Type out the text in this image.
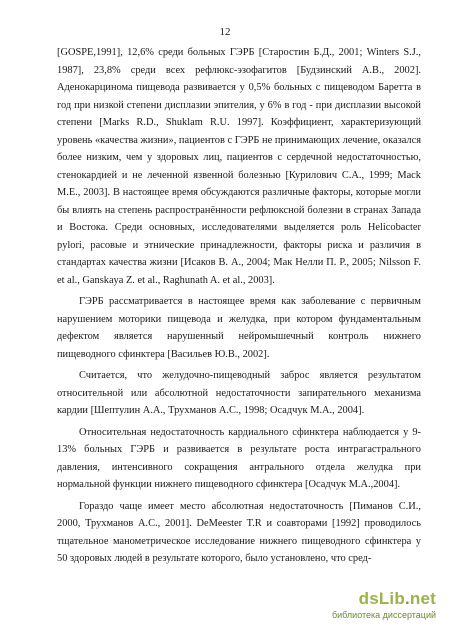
12

[GOSPE,1991], 12,6% среди больных ГЭРБ [Старостин Б.Д., 2001; Winters S.J., 1987], 23,8% среди всех рефлюкс-эзофагитов [Будзинский А.В., 2002]. Аденокарцинома пищевода развивается у 0,5% больных с пищеводом Баретта в год при низкой степени дисплазии эпителия, у 6% в год - при дисплазии высокой степени [Marks R.D., Shuklam R.U. 1997]. Коэффициент, характеризующий уровень «качества жизни», пациентов с ГЭРБ не принимающих лечение, оказался более низким, чем у здоровых лиц, пациентов с сердечной недостаточностью, стенокардией и не леченной язвенной болезнью [Курилович С.А., 1999; Mack M.E., 2003]. В настоящее время обсуждаются различные факторы, которые могли бы влиять на степень распространённости рефлюксной болезни в странах Запада и Востока. Среди основных, исследователями выделяется роль Helicobacter pylori, расовые и этнические принадлежности, факторы риска и различия в стандартах качества жизни [Исаков В. А., 2004; Мак Нелли П. Р., 2005; Nilsson F. et al., Ganskaya Z. et al., Raghunath A. et al., 2003].

ГЭРБ рассматривается в настоящее время как заболевание с первичным нарушением моторики пищевода и желудка, при котором фундаментальным дефектом является нарушенный нейромышечный контроль нижнего пищеводного сфинктера [Васильев Ю.В., 2002].

Считается, что желудочно-пищеводный заброс является результатом относительной или абсолютной недостаточности запирательного механизма кардии [Шептулин А.А., Трухманов А.С., 1998; Осадчук М.А., 2004].

Относительная недостаточность кардиального сфинктера наблюдается у 9-13% больных ГЭРБ и развивается в результате роста интрагастрального давления, интенсивного сокращения антрального отдела желудка при нормальной функции нижнего пищеводного сфинктера [Осадчук М.А.,2004].

Гораздо чаще имеет место абсолютная недостаточность [Пиманов С.И., 2000, Трухманов А.С., 2001]. DeMeester T.R и соавторами [1992] проводилось тщательное манометрическое исследование нижнего пищеводного сфинктера у 50 здоровых людей в результате которого, было установлено, что сред-

dsLib.net
библиотека диссертаций
